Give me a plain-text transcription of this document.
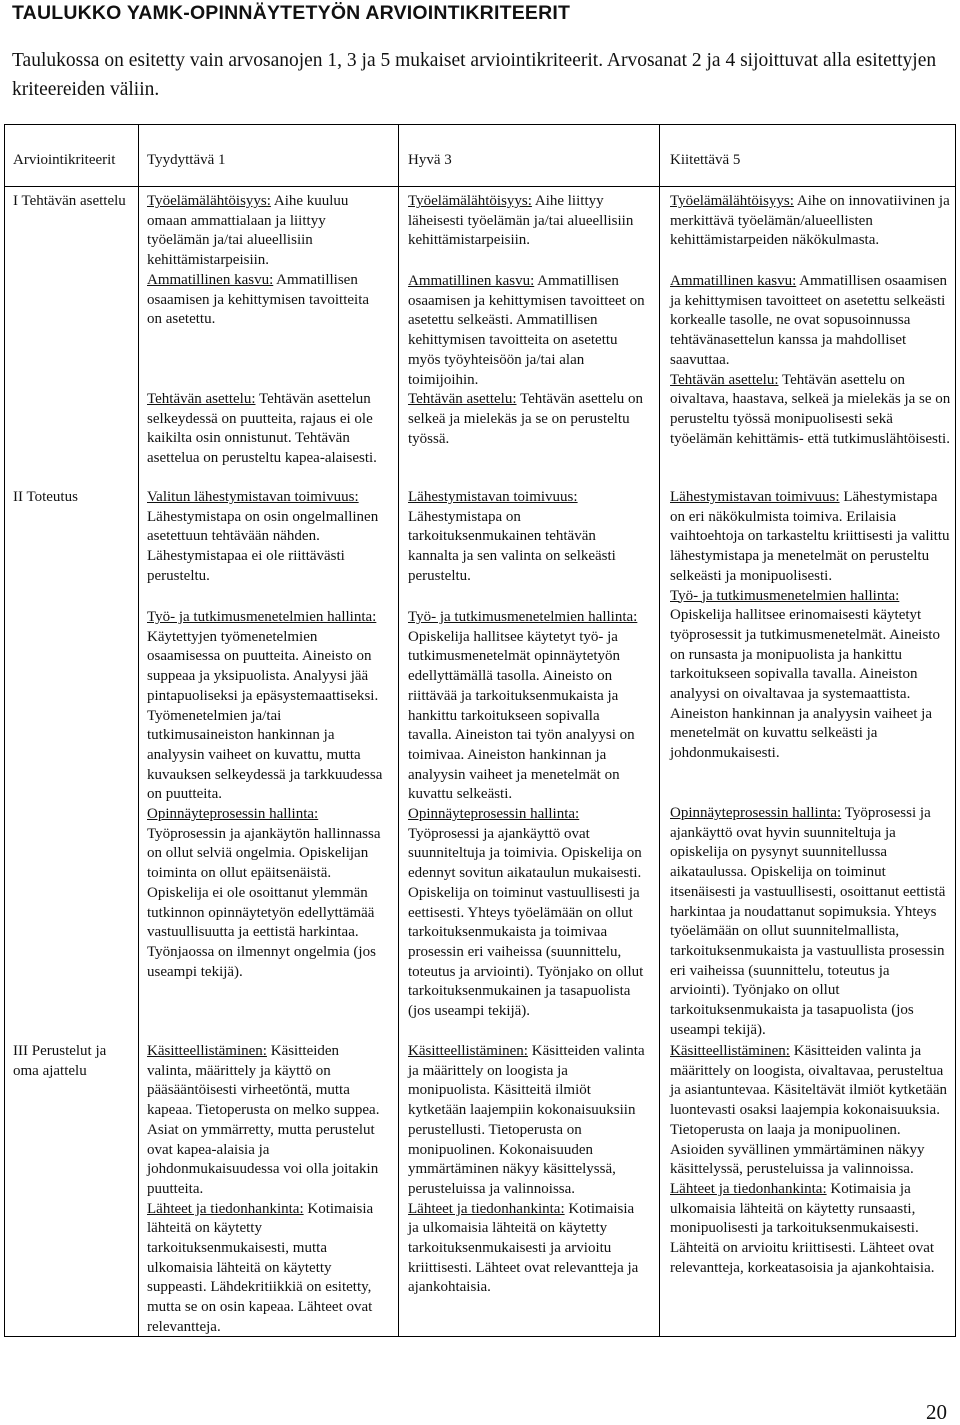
TAULUKKO YAMK-OPINNÄYTETYÖN ARVIOINTIKRITEERIT

Taulukossa on esitetty vain arvosanojen 1, 3 ja 5 mukaiset arviointikriteerit. Arvosanat 2 ja 4 sijoittuvat alla esitettyjen kriteereiden väliin.

Arviointikriteerit Tyydyttävä 1	Hyvä 3	Kiitettävä 5
I Tehtävän asettelu
II Toteutus
III Perustelut ja oma ajattelu

Työelämälähtöisyys: Aihe kuuluu omaan ammattialaan ja liittyy työelämän ja/tai alueellisiin kehittämistarpeisiin.

Ammatillinen kasvu: Ammatillisen osaamisen ja kehittymisen tavoitteita on asetettu.

Tehtävän asettelu: Tehtävän asettelun selkeydessä on puutteita, rajaus ei ole kaikilta osin onnistunut. Tehtävän asettelua on perusteltu kapea-alaisesti.

Valitun lähestymistavan toimivuus: Lähestymistapa on osin ongelmallinen asetettuun tehtävään nähden. Lähestymistapaa ei ole riittävästi perusteltu.

Työ- ja tutkimusmenetelmien hallinta: Käytettyjen työmenetelmien osaamisessa on puutteita. Aineisto on suppeaa ja yksipuolista. Analyysi jää pintapuoliseksi ja epäsystemaattiseksi. Työmenetelmien ja/tai tutkimusaineiston hankinnan ja analyysin vaiheet on kuvattu, mutta kuvauksen selkeydessä ja tarkkuudessa on puutteita.

Opinnäyteprosessin hallinta: Työprosessin ja ajankäytön hallinnassa on ollut selviä ongelmia. Opiskelijan toiminta on ollut epäitsenäistä. Opiskelija ei ole osoittanut ylemmän tutkinnon opinnäytetyön edellyttämää vastuullisuutta ja eettistä harkintaa. Työnjaossa on ilmennyt ongelmia (jos useampi tekijä).

Käsitteellistäminen: Käsitteiden valinta, määrittely ja käyttö on pääsääntöisesti virheetöntä, mutta kapeaa. Tietoperusta on melko suppea. Asiat on ymmärretty, mutta perustelut ovat kapea-alaisia ja johdonmukaisuudessa voi olla joitakin puutteita.

Lähteet ja tiedonhankinta: Kotimaisia lähteitä on käytetty tarkoituksenmukaisesti, mutta ulkomaisia lähteitä on käytetty suppeasti. Lähdekritiikkiä on esitetty, mutta se on osin kapeaa. Lähteet ovat relevantteja.

Työelämälähtöisyys: Aihe liittyy läheisesti työelämän ja/tai alueellisiin kehittämistarpeisiin.

Ammatillinen kasvu: Ammatillisen osaamisen ja kehittymisen tavoitteet on asetettu selkeästi. Ammatillisen kehittymisen tavoitteita on asetettu myös työyhteisöön ja/tai alan toimijoihin.

Tehtävän asettelu: Tehtävän asettelu on selkeä ja mielekäs ja se on perusteltu työssä.

Lähestymistavan toimivuus: Lähestymistapa on tarkoituksenmukainen tehtävän kannalta ja sen valinta on selkeästi perusteltu.

Työ- ja tutkimusmenetelmien hallinta: Opiskelija hallitsee käytetyt työ- ja tutkimusmenetelmät opinnäytetyön edellyttämällä tasolla. Aineisto on riittävää ja tarkoituksenmukaista ja hankittu tarkoitukseen sopivalla tavalla. Aineiston tai työn analyysi on toimivaa. Aineiston hankinnan ja analyysin vaiheet ja menetelmät on kuvattu selkeästi.

Opinnäyteprosessin hallinta: Työprosessi ja ajankäyttö ovat suunniteltuja ja toimivia. Opiskelija on edennyt sovitun aikataulun mukaisesti. Opiskelija on toiminut vastuullisesti ja eettisesti. Yhteys työelämään on ollut tarkoituksenmukaista ja toimivaa prosessin eri vaiheissa (suunnittelu, toteutus ja arviointi). Työnjako on ollut tarkoituksenmukainen ja tasapuolista (jos useampi tekijä).

Käsitteellistäminen: Käsitteiden valinta ja määrittely on loogista ja monipuolista. Käsitteitä ilmiöt kytketään laajempiin kokonaisuuksiin perustellusti. Tietoperusta on monipuolinen. Kokonaisuuden ymmärtäminen näkyy käsittelyssä, perusteluissa ja valinnoissa.

Lähteet ja tiedonhankinta: Kotimaisia ja ulkomaisia lähteitä on käytetty tarkoituksenmukaisesti ja arvioitu kriittisesti. Lähteet ovat relevantteja ja ajankohtaisia.

Työelämälähtöisyys: Aihe on innovatiivinen ja merkittävä työelämän/alueellisten kehittämistarpeiden näkökulmasta.

Ammatillinen kasvu: Ammatillisen osaamisen ja kehittymisen tavoitteet on asetettu selkeästi korkealle tasolle, ne ovat sopusoinnussa tehtävänasettelun kanssa ja mahdolliset saavuttaa.

Tehtävän asettelu: Tehtävän asettelu on oivaltava, haastava, selkeä ja mielekäs ja se on perusteltu työssä monipuolisesti sekä työelämän kehittämis- että tutkimuslähtöisesti.

Lähestymistavan toimivuus: Lähestymistapa on eri näkökulmista toimiva. Erilaisia vaihtoehtoja on tarkasteltu kriittisesti ja valittu lähestymistapa ja menetelmät on perusteltu selkeästi ja monipuolisesti.

Työ- ja tutkimusmenetelmien hallinta: Opiskelija hallitsee erinomaisesti käytetyt työprosessit ja tutkimusmenetelmät. Aineisto on runsasta ja monipuolista ja hankittu tarkoitukseen sopivalla tavalla. Aineiston analyysi on oivaltavaa ja systemaattista. Aineiston hankinnan ja analyysin vaiheet ja menetelmät on kuvattu selkeästi ja johdonmukaisesti.

Opinnäyteprosessin hallinta: Työprosessi ja ajankäyttö ovat hyvin suunniteltuja ja opiskelija on pysynyt suunnitellussa aikataulussa. Opiskelija on toiminut itsenäisesti ja vastuullisesti, osoittanut eettistä harkintaa ja noudattanut sopimuksia. Yhteys työelämään on ollut suunnitelmallista, tarkoituksenmukaista ja vastuullista prosessin eri vaiheissa (suunnittelu, toteutus ja arviointi). Työnjako on ollut tarkoituksenmukaista ja tasapuolista (jos useampi tekijä).

Käsitteellistäminen: Käsitteiden valinta ja määrittely on loogista, oivaltavaa, perusteltua ja asiantuntevaa. Käsiteltävät ilmiöt kytketään luontevasti osaksi laajempia kokonaisuuksia. Tietoperusta on laaja ja monipuolinen. Asioiden syvällinen ymmärtäminen näkyy käsittelyssä, perusteluissa ja valinnoissa.

Lähteet ja tiedonhankinta: Kotimaisia ja ulkomaisia lähteitä on käytetty runsaasti, monipuolisesti ja tarkoituksenmukaisesti. Lähteitä on arvioitu kriittisesti. Lähteet ovat relevantteja, korkeatasoisia ja ajankohtaisia.

20
